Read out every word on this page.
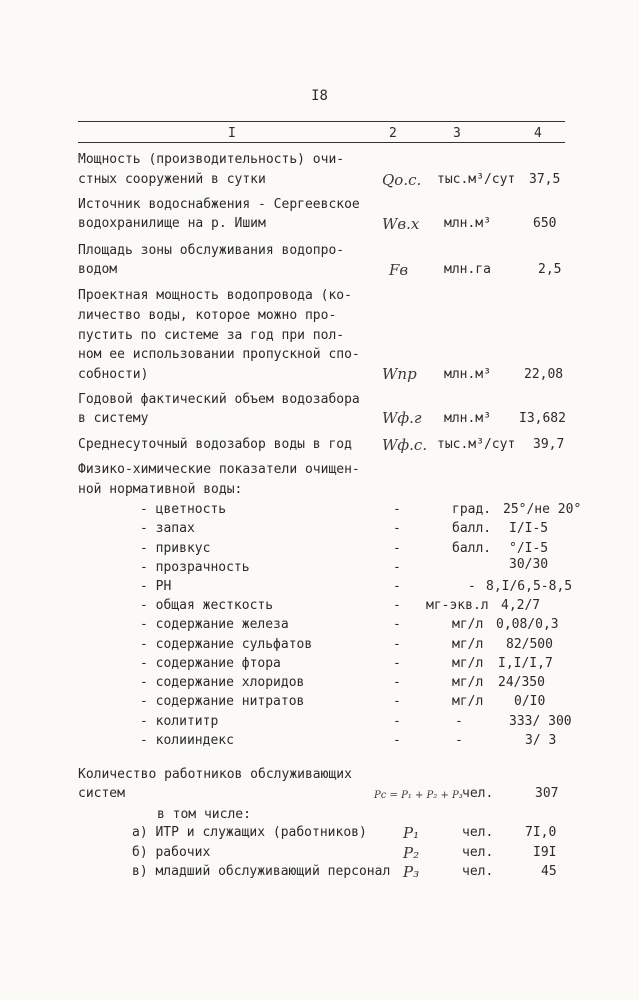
I8
I	2	3	4
Мощность (производительность) очи-
стных сооружений в сутки	Qо.с. тыс.м³/сут 37,5
Источник водоснабжения - Сергеевское
водохранилище на р. Ишим	Wв.х млн.м³	650
Площадь зоны обслуживания водопро-
водом	Fв	млн.га	2,5
Проектная мощность водопровода (ко-
личество воды, которое можно про-
пустить по системе за год при пол-
ном ее использовании пропускной спо-
собности)	Wпр млн.м³	22,08
Годовой фактический объем водозабора
в систему	Wф.г млн.м³ I3,682
Среднесуточный водозабор воды в год Wф.с. тыс.м³/сут 39,7
Физико-химические показатели очищен-
ной нормативной воды:
- цветность	-	град. 25°/не 20°
- запах	-	балл. I/I-5
- привкус	-	балл. °/I-5
- прозрачность	-	30/30
- РН	-	- 8,I/6,5-8,5
- общая жесткость	- мг-экв.л 4,2/7
- содержание железа	-	мг/л 0,08/0,3
- содержание сульфатов	-	мг/л 82/500
- содержание фтора	-	мг/л I,I/I,7
- содержание хлоридов	-	мг/л 24/350
- содержание нитратов	-	мг/л 0/I0
- колититр	-	-	333/ 300
- колииндекс	-	-	3/ 3
Количество работников обслуживающих
систем	Pс = P₁ + P₂ + P₃ чел.	307
в том числе:
а) ИТР и служащих (работников) P₁	чел. 7I,0
б) рабочих	P₂	чел.	I9I
в) младший обслуживающий персонал P₃	чел.	45
